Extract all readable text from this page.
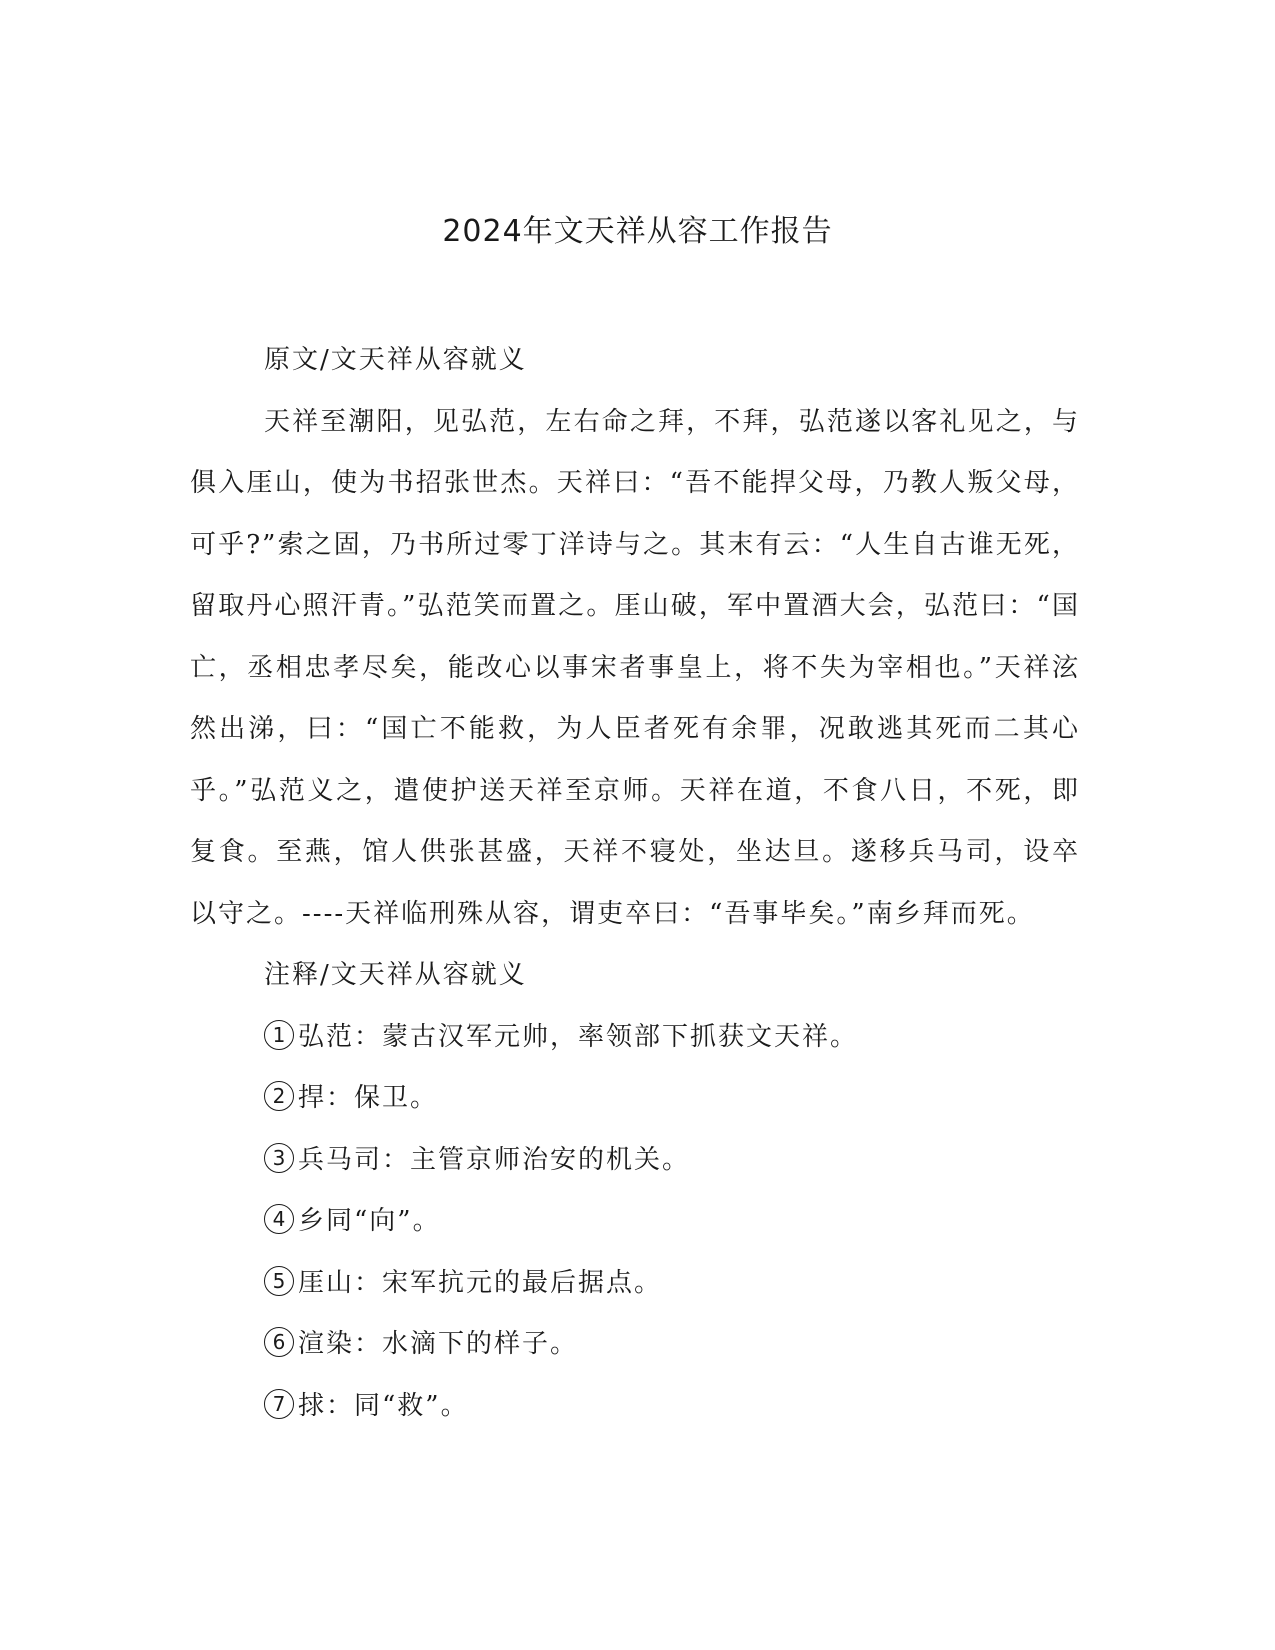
2024年文天祥从容工作报告
原文/文天祥从容就义

天祥至潮阳，见弘范，左右命之拜，不拜，弘范遂以客礼见之，与俱入厓山，使为书招张世杰。天祥曰：“吾不能捍父母，乃教人叛父母，可乎?”索之固，乃书所过零丁洋诗与之。其末有云：“人生自古谁无死，留取丹心照汗青。”弘范笑而置之。厓山破，军中置酒大会，弘范曰：“国亡，丞相忠孝尽矣，能改心以事宋者事皇上，将不失为宰相也。”天祥泫然出涕，曰：“国亡不能救，为人臣者死有余罪，况敢逃其死而二其心乎。”弘范义之，遣使护送天祥至京师。天祥在道，不食八日，不死，即复食。至燕，馆人供张甚盛，天祥不寝处，坐达旦。遂移兵马司，设卒以守之。----天祥临刑殊从容，谓吏卒曰：“吾事毕矣。”南乡拜而死。

注释/文天祥从容就义
1 弘范：蒙古汉军元帅，率领部下抓获文天祥。
2 捍：保卫。
3 兵马司：主管京师治安的机关。
4 乡同“向”。
5 厓山：宋军抗元的最后据点。
6 渲染：水滴下的样子。
7 捄：同“救”。
